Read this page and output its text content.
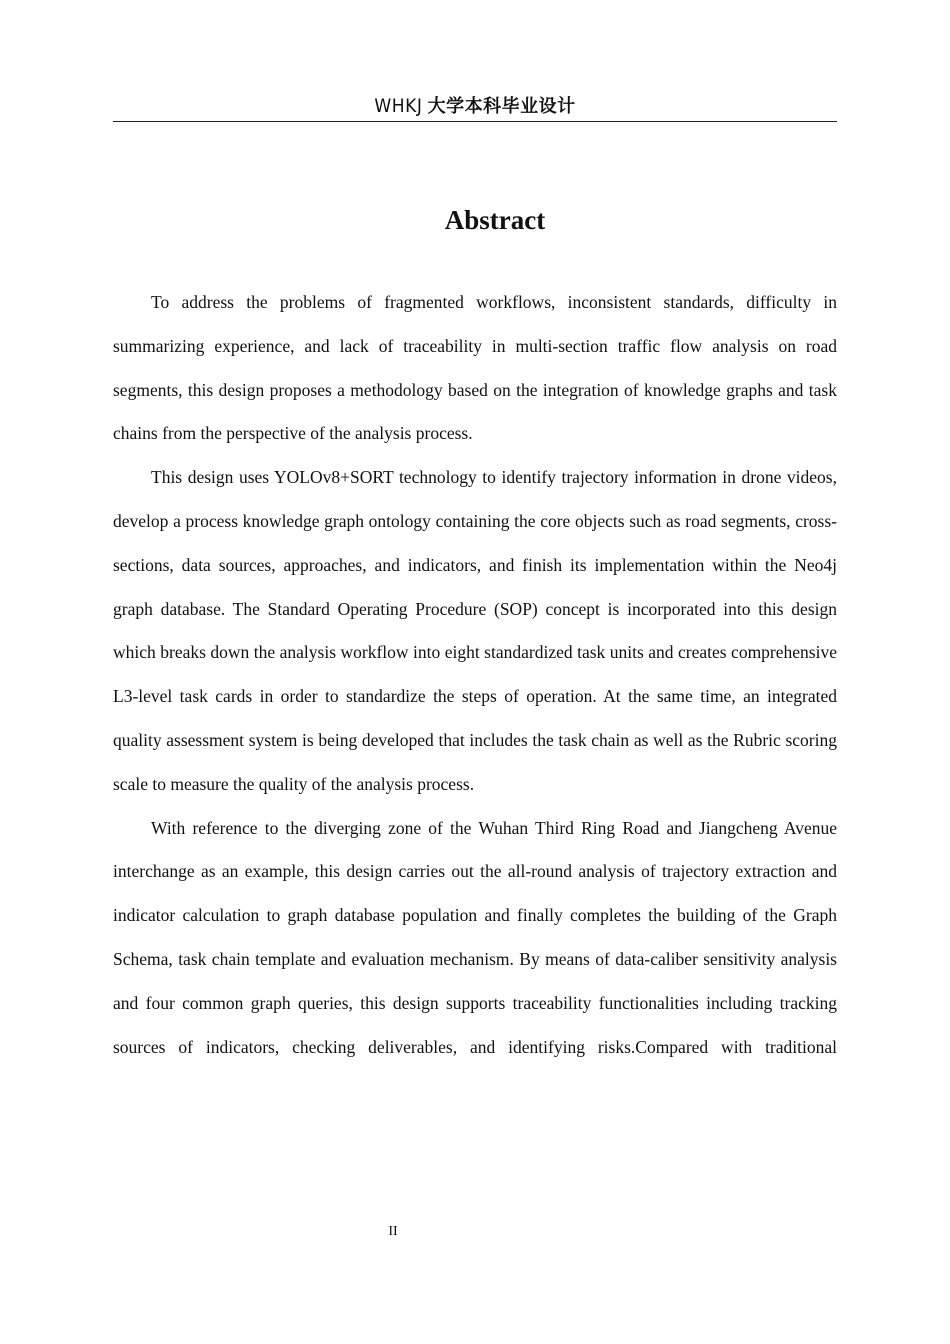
WHKJ 大学本科毕业设计
Abstract

To address the problems of fragmented workflows, inconsistent standards, difficulty in summarizing experience, and lack of traceability in multi-section traffic flow analysis on road segments, this design proposes a methodology based on the integration of knowledge graphs and task chains from the perspective of the analysis process.

This design uses YOLOv8+SORT technology to identify trajectory information in drone videos, develop a process knowledge graph ontology containing the core objects such as road segments, cross-sections, data sources, approaches, and indicators, and finish its implementation within the Neo4j graph database. The Standard Operating Procedure (SOP) concept is incorporated into this design which breaks down the analysis workflow into eight standardized task units and creates comprehensive L3-level task cards in order to standardize the steps of operation. At the same time, an integrated quality assessment system is being developed that includes the task chain as well as the Rubric scoring scale to measure the quality of the analysis process.

With reference to the diverging zone of the Wuhan Third Ring Road and Jiangcheng Avenue interchange as an example, this design carries out the all-round analysis of trajectory extraction and indicator calculation to graph database population and finally completes the building of the Graph Schema, task chain template and evaluation mechanism. By means of data-caliber sensitivity analysis and four common graph queries, this design supports traceability functionalities including tracking sources of indicators, checking deliverables, and identifying risks.Compared with traditional

II
